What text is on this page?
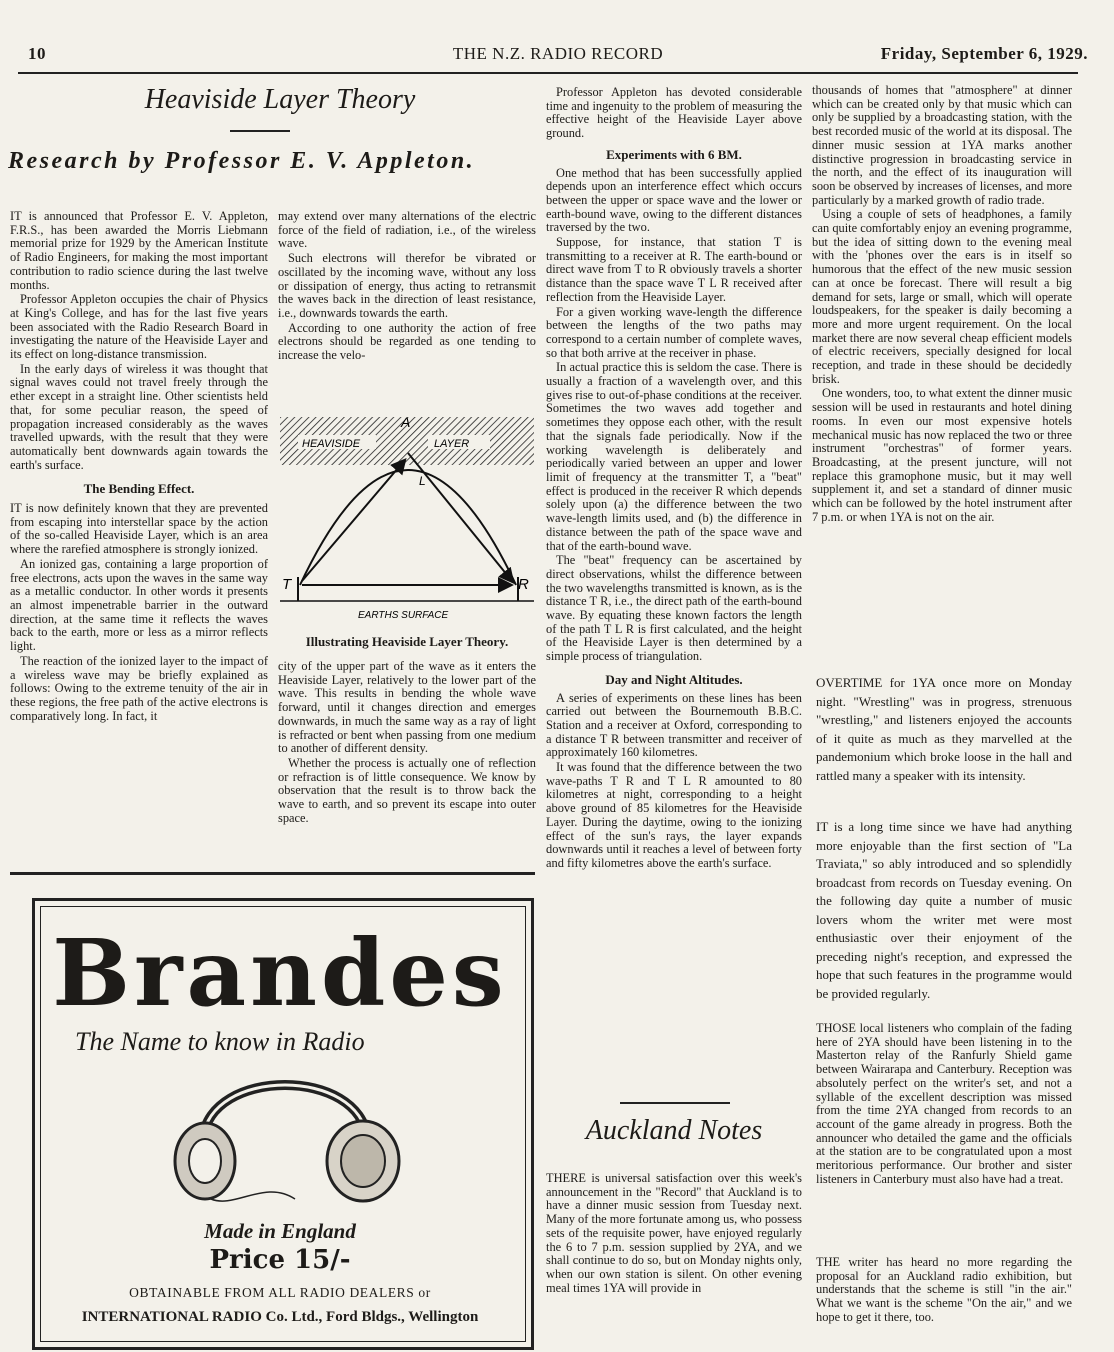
10	THE N.Z. RADIO RECORD	Friday, September 6, 1929.
Heaviside Layer Theory
Research by Professor E. V. Appleton.

IT is announced that Professor E. V. Appleton, F.R.S., has been awarded the Morris Liebmann memorial prize for 1929 by the American Institute of Radio Engineers, for making the most important contribution to radio science during the last twelve months.

Professor Appleton occupies the chair of Physics at King's College, and has for the last five years been associated with the Radio Research Board in investigating the nature of the Heaviside Layer and its effect on long-distance transmission.

In the early days of wireless it was thought that signal waves could not travel freely through the ether except in a straight line. Other scientists held that, for some peculiar reason, the speed of propagation increased considerably as the waves travelled upwards, with the result that they were automatically bent downwards again towards the earth's surface.

The Bending Effect.

IT is now definitely known that they are prevented from escaping into interstellar space by the action of the so-called Heaviside Layer, which is an area where the rarefied atmosphere is strongly ionized.

An ionized gas, containing a large proportion of free electrons, acts upon the waves in the same way as a metallic conductor. In other words it presents an almost impenetrable barrier in the outward direction, at the same time it reflects the waves back to the earth, more or less as a mirror reflects light.

The reaction of the ionized layer to the impact of a wireless wave may be briefly explained as follows: Owing to the extreme tenuity of the air in these regions, the free path of the active electrons is comparatively long. In fact, it

may extend over many alternations of the electric force of the field of radiation, i.e., of the wireless wave.

Such electrons will therefor be vibrated or oscillated by the incoming wave, without any loss or dissipation of energy, thus acting to retransmit the waves back in the direction of least resistance, i.e., downwards towards the earth.

According to one authority the action of free electrons should be regarded as one tending to increase the velo-

HEAVISIDE	LAYER
A
L
T	R
EARTHS SURFACE
Illustrating Heaviside Layer Theory.

city of the upper part of the wave as it enters the Heaviside Layer, relatively to the lower part of the wave. This results in bending the whole wave forward, until it changes direction and emerges downwards, in much the same way as a ray of light is refracted or bent when passing from one medium to another of different density.

Whether the process is actually one of reflection or refraction is of little consequence. We know by observation that the result is to throw back the wave to earth, and so prevent its escape into outer space.

Professor Appleton has devoted considerable time and ingenuity to the problem of measuring the effective height of the Heaviside Layer above ground.

Experiments with 6 BM.

One method that has been successfully applied depends upon an interference effect which occurs between the upper or space wave and the lower or earth-bound wave, owing to the different distances traversed by the two.

Suppose, for instance, that station T is transmitting to a receiver at R. The earth-bound or direct wave from T to R obviously travels a shorter distance than the space wave T L R received after reflection from the Heaviside Layer.

For a given working wave-length the difference between the lengths of the two paths may correspond to a certain number of complete waves, so that both arrive at the receiver in phase.

In actual practice this is seldom the case. There is usually a fraction of a wavelength over, and this gives rise to out-of-phase conditions at the receiver. Sometimes the two waves add together and sometimes they oppose each other, with the result that the signals fade periodically. Now if the working wavelength is deliberately and periodically varied between an upper and lower limit of frequency at the transmitter T, a "beat" effect is produced in the receiver R which depends solely upon (a) the difference between the two wave-length limits used, and (b) the difference in distance between the path of the space wave and that of the earth-bound wave.

The "beat" frequency can be ascertained by direct observations, whilst the difference between the two wavelengths transmitted is known, as is the distance T R, i.e., the direct path of the earth-bound wave. By equating these known factors the length of the path T L R is first calculated, and the height of the Heaviside Layer is then determined by a simple process of triangulation.

Day and Night Altitudes.

A series of experiments on these lines has been carried out between the Bournemouth B.B.C. Station and a receiver at Oxford, corresponding to a distance T R between transmitter and receiver of approximately 160 kilometres.

It was found that the difference between the two wave-paths T R and T L R amounted to 80 kilometres at night, corresponding to a height above ground of 85 kilometres for the Heaviside Layer. During the daytime, owing to the ionizing effect of the sun's rays, the layer expands downwards until it reaches a level of between forty and fifty kilometres above the earth's surface.

Auckland Notes

THERE is universal satisfaction over this week's announcement in the "Record" that Auckland is to have a dinner music session from Tuesday next. Many of the more fortunate among us, who possess sets of the requisite power, have enjoyed regularly the 6 to 7 p.m. session supplied by 2YA, and we shall continue to do so, but on Monday nights only, when our own station is silent. On other evening meal times 1YA will provide in

thousands of homes that "atmosphere" at dinner which can be created only by that music which can only be supplied by a broadcasting station, with the best recorded music of the world at its disposal. The dinner music session at 1YA marks another distinctive progression in broadcasting service in the north, and the effect of its inauguration will soon be observed by increases of licenses, and more particularly by a marked growth of radio trade.

Using a couple of sets of headphones, a family can quite comfortably enjoy an evening programme, but the idea of sitting down to the evening meal with the 'phones over the ears is in itself so humorous that the effect of the new music session can at once be forecast. There will result a big demand for sets, large or small, which will operate loudspeakers, for the speaker is daily becoming a more and more urgent requirement. On the local market there are now several cheap efficient models of electric receivers, specially designed for local reception, and trade in these should be decidedly brisk.

One wonders, too, to what extent the dinner music session will be used in restaurants and hotel dining rooms. In even our most expensive hotels mechanical music has now replaced the two or three instrument "orchestras" of former years. Broadcasting, at the present juncture, will not replace this gramophone music, but it may well supplement it, and set a standard of dinner music which can be followed by the hotel instrument after 7 p.m. or when 1YA is not on the air.

OVERTIME for 1YA once more on Monday night. "Wrestling" was in progress, strenuous "wrestling," and listeners enjoyed the accounts of it quite as much as they marvelled at the pandemonium which broke loose in the hall and rattled many a speaker with its intensity.

IT is a long time since we have had anything more enjoyable than the first section of "La Traviata," so ably introduced and so splendidly broadcast from records on Tuesday evening. On the following day quite a number of music lovers whom the writer met were most enthusiastic over their enjoyment of the preceding night's reception, and expressed the hope that such features in the programme would be provided regularly.

THOSE local listeners who complain of the fading here of 2YA should have been listening in to the Masterton relay of the Ranfurly Shield game between Wairarapa and Canterbury. Reception was absolutely perfect on the writer's set, and not a syllable of the excellent description was missed from the time 2YA changed from records to an account of the game already in progress. Both the announcer who detailed the game and the officials at the station are to be congratulated upon a most meritorious performance. Our brother and sister listeners in Canterbury must also have had a treat.

THE writer has heard no more regarding the proposal for an Auckland radio exhibition, but understands that the scheme is still "in the air." What we want is the scheme "On the air," and we hope to get it there, too.

Brandes
The Name to know in Radio
Made in England
Price 15/-
OBTAINABLE FROM ALL RADIO DEALERS or
INTERNATIONAL RADIO Co. Ltd., Ford Bldgs., Wellington
